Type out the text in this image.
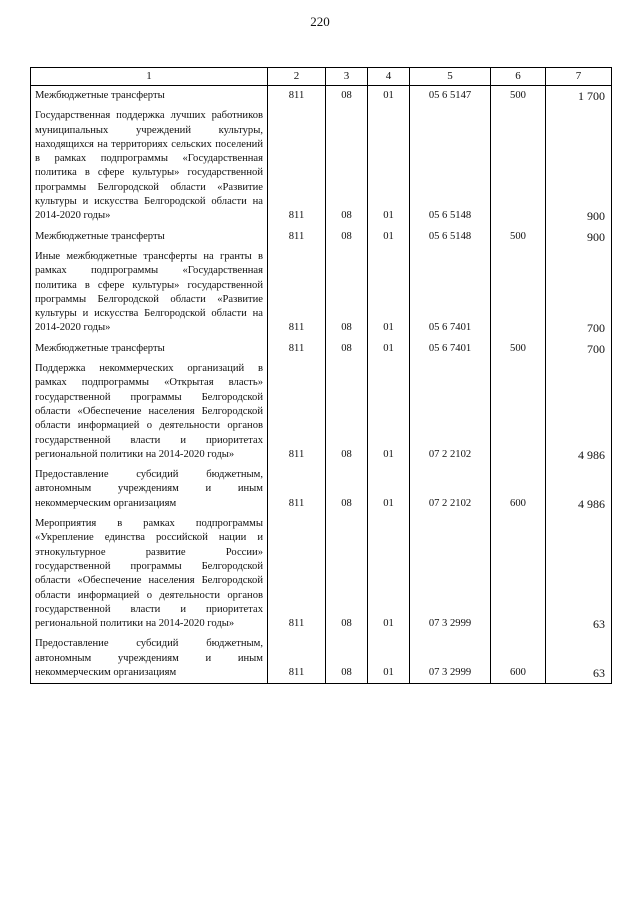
220
1	2	3	4	5	6	7
Межбюджетные трансферты	811	08	01	05 6 5147	500	1 700
Государственная поддержка лучших работников муниципальных учреждений культуры, находящихся на территориях сельских поселений в рамках подпрограммы «Государственная политика в сфере культуры» государственной программы Белгородской области «Развитие культуры и искусства Белгородской области на 2014-2020 годы»	811	08	01	05 6 5148		900
Межбюджетные трансферты	811	08	01	05 6 5148	500	900
Иные межбюджетные трансферты на гранты в рамках подпрограммы «Государственная политика в сфере культуры» государственной программы Белгородской области «Развитие культуры и искусства Белгородской области на 2014-2020 годы»	811	08	01	05 6 7401		700
Межбюджетные трансферты	811	08	01	05 6 7401	500	700
Поддержка некоммерческих организаций в рамках подпрограммы «Открытая власть» государственной программы Белгородской области «Обеспечение населения Белгородской области информацией о деятельности органов государственной власти и приоритетах региональной политики на 2014-2020 годы»	811	08	01	07 2 2102		4 986
Предоставление субсидий бюджетным, автономным учреждениям и иным некоммерческим организациям	811	08	01	07 2 2102	600	4 986
Мероприятия в рамках подпрограммы «Укрепление единства российской нации и этнокультурное развитие России» государственной программы Белгородской области «Обеспечение населения Белгородской области информацией о деятельности органов государственной власти и приоритетах региональной политики на 2014-2020 годы»	811	08	01	07 3 2999		63
Предоставление субсидий бюджетным, автономным учреждениям и иным некоммерческим организациям	811	08	01	07 3 2999	600	63
